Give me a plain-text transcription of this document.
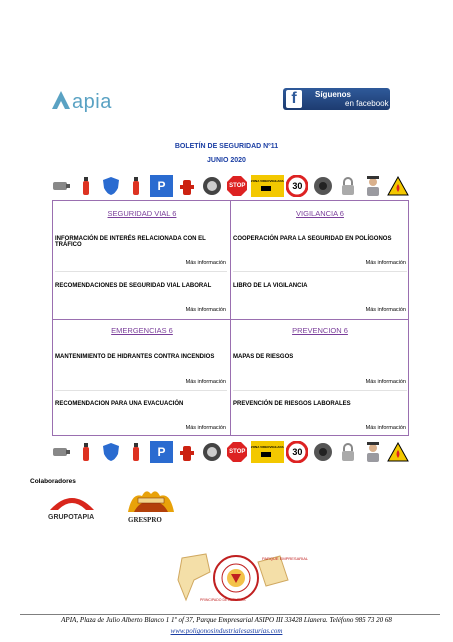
apia	f	Síguenos
en facebook
BOLETÍN DE SEGURIDAD Nº11
JUNIO 2020
P	STOP
ZONA VIDEOVIGILADA 30
SEGURIDAD VIAL 6
INFORMACIÓN DE INTERÉS RELACIONADA CON EL TRÁFICO
Más información
RECOMENDACIONES DE SEGURIDAD VIAL LABORAL
Más información
VIGILANCIA 6
COOPERACIÓN PARA LA SEGURIDAD EN POLÍGONOS
Más información
LIBRO DE LA VIGILANCIA
Más información
EMERGENCIAS 6
MANTENIMIENTO DE HIDRANTES CONTRA INCENDIOS
Más información
RECOMENDACION PARA UNA EVACUACIÓN
Más información
PREVENCION 6
MAPAS DE RIESGOS
Más información
PREVENCIÓN DE RIESGOS LABORALES
Más información
P	STOP
ZONA VIDEOVIGILADA 30
Colaboradores
GRUPOTAPIA	GRESPRO
PARQUE EMPRESARIAL
PRINCIPADO DE ASTURIAS
APIA, Plaza de Julio Alberto Blanco 1 1º of 37, Parque Empresarial ASIPO III 33428 Llanera. Teléfono 985 73 20 68
www.poligonosindustrialesasturias.com
